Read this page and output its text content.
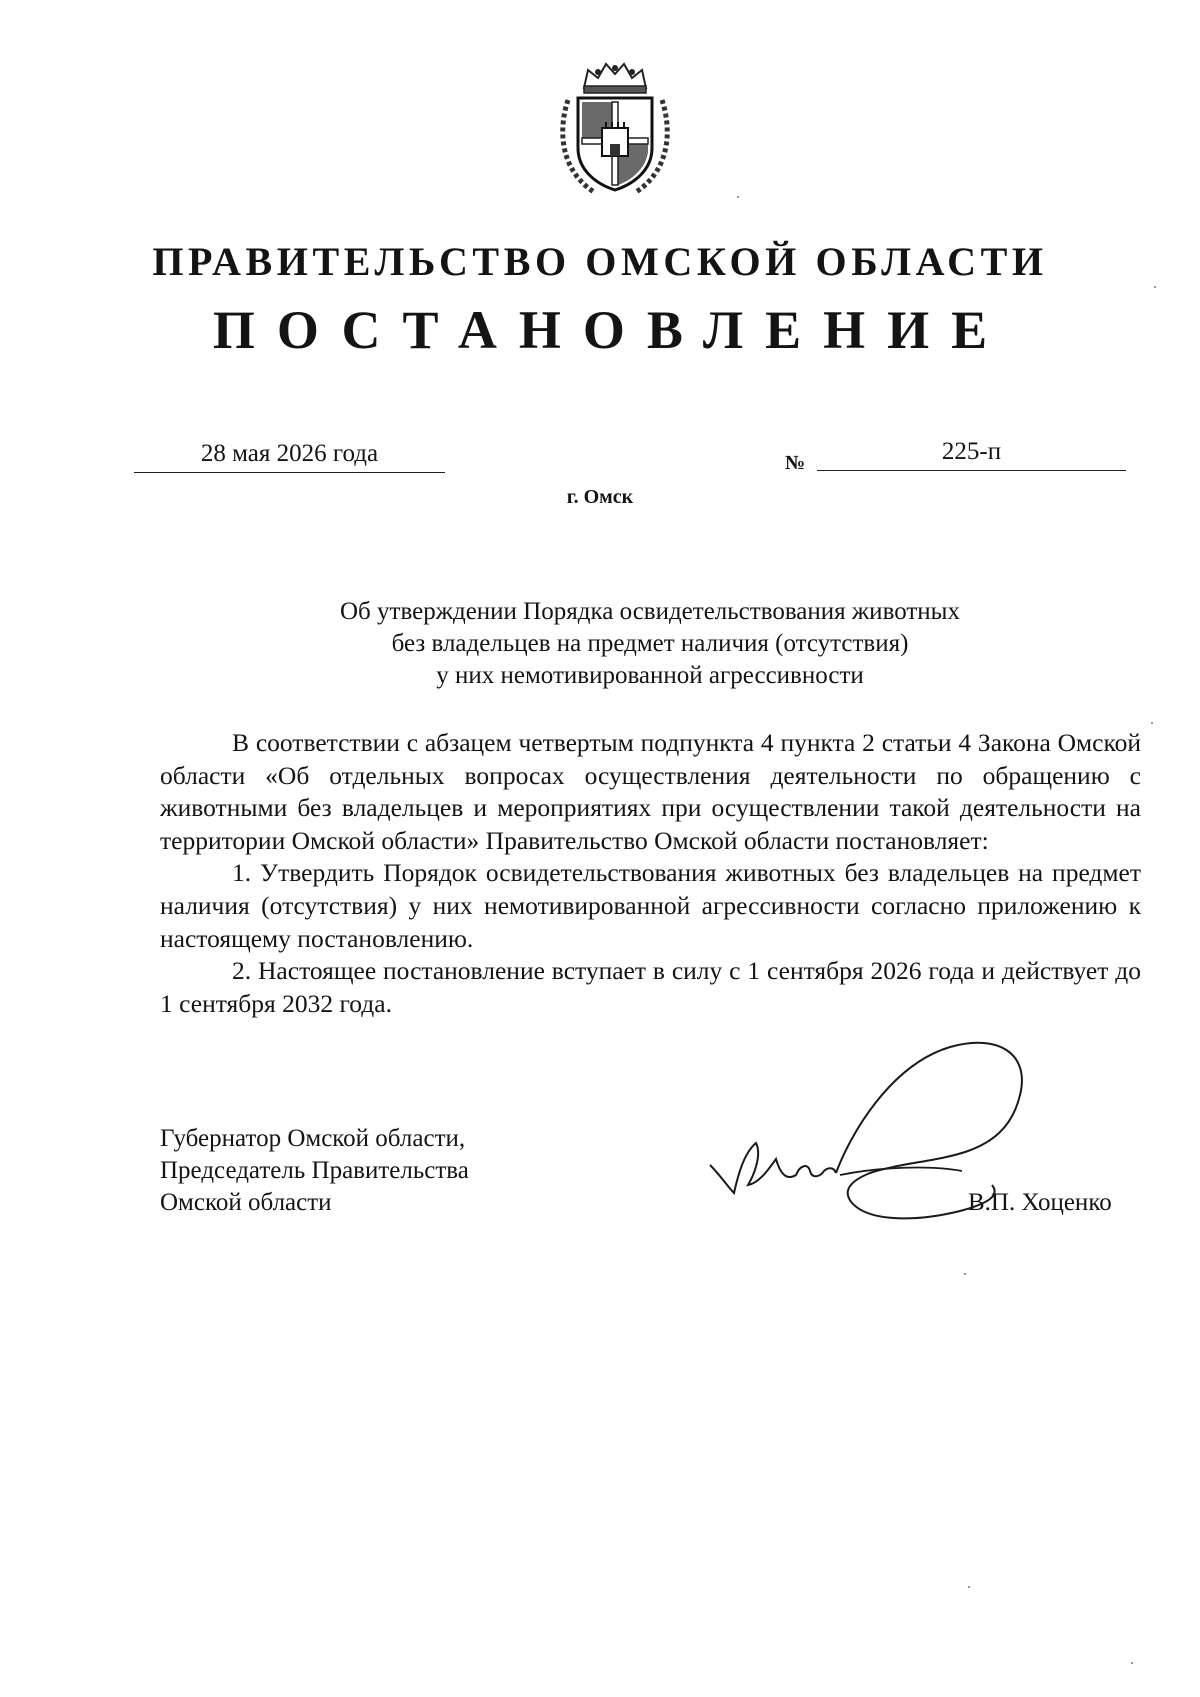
ПРАВИТЕЛЬСТВО ОМСКОЙ ОБЛАСТИ
ПОСТАНОВЛЕНИЕ
28 мая 2026 года	№	225-п
г. Омск
Об утверждении Порядка освидетельствования животных
без владельцев на предмет наличия (отсутствия)
у них немотивированной агрессивности

В соответствии с абзацем четвертым подпункта 4 пункта 2 статьи 4 Закона Омской области «Об отдельных вопросах осуществления деятельности по обращению с животными без владельцев и мероприятиях при осуществлении такой деятельности на территории Омской области» Правительство Омской области постановляет:

1. Утвердить Порядок освидетельствования животных без владельцев на предмет наличия (отсутствия) у них немотивированной агрессивности согласно приложению к настоящему постановлению.

2. Настоящее постановление вступает в силу с 1 сентября 2026 года и действует до 1 сентября 2032 года.

Губернатор Омской области,
Председатель Правительства
Омской области	В.П. Хоценко
